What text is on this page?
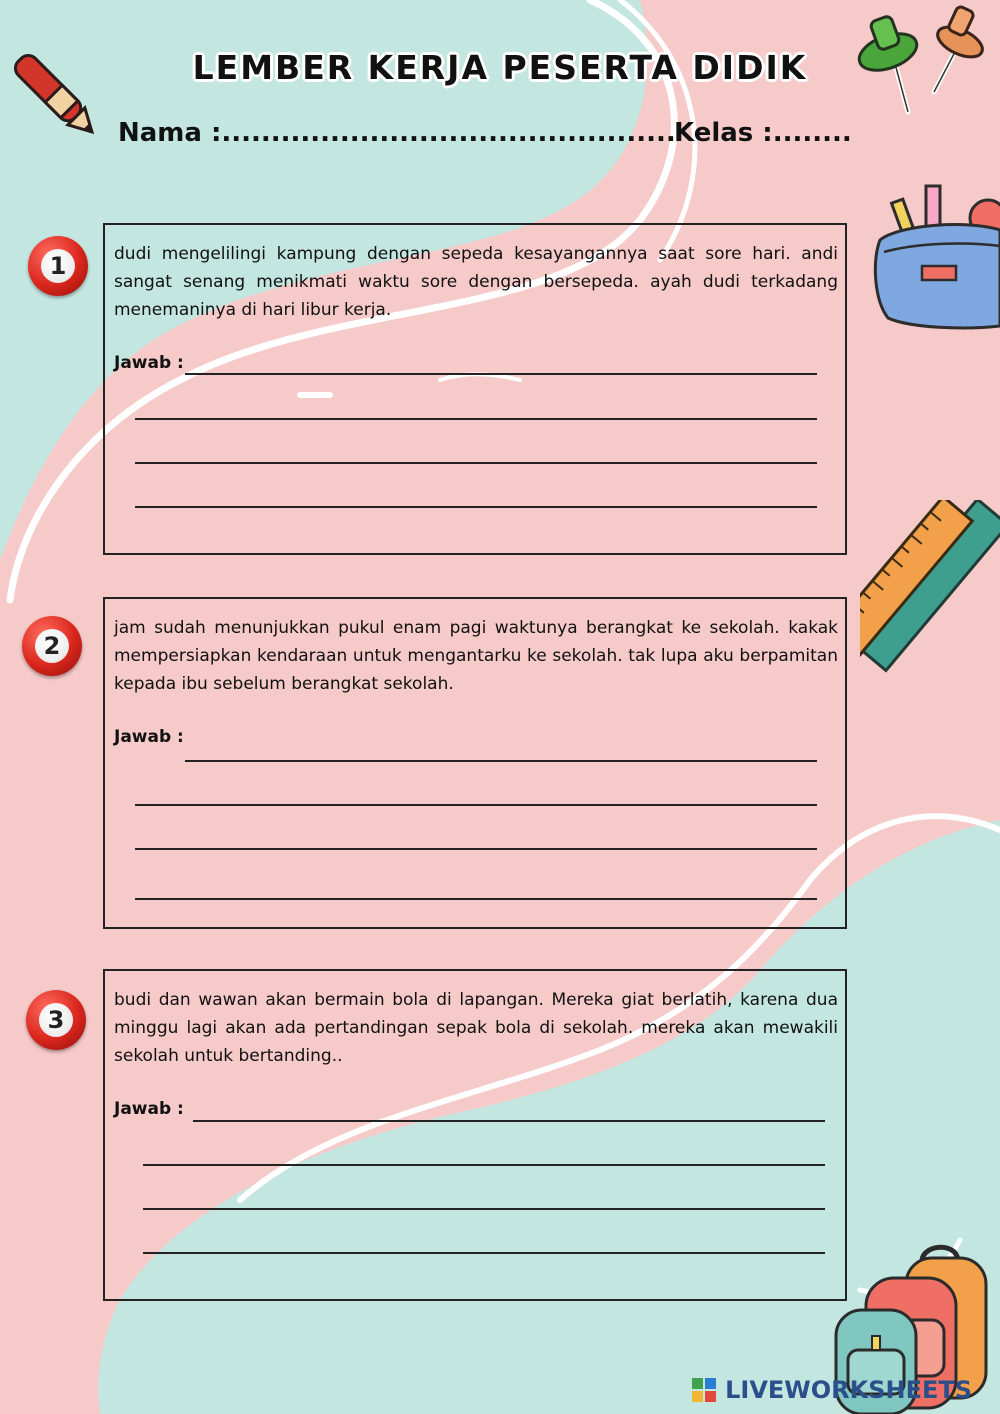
LEMBER KERJA PESERTA DIDIK
Nama :..............................................
Kelas :........
1	dudi mengelilingi kampung dengan sepeda kesayangannya saat sore hari. andi sangat senang menikmati waktu sore dengan bersepeda. ayah dudi terkadang menemaninya di hari libur kerja.
Jawab :
2
jam sudah menunjukkan pukul enam pagi waktunya berangkat ke sekolah. kakak mempersiapkan kendaraan untuk mengantarku ke sekolah. tak lupa aku berpamitan kepada ibu sebelum berangkat sekolah.
Jawab :
3
budi dan wawan akan bermain bola di lapangan. Mereka giat berlatih, karena dua minggu lagi akan ada pertandingan sepak bola di sekolah. mereka akan mewakili sekolah untuk bertanding..
Jawab :
LIVEWORKSHEETS
